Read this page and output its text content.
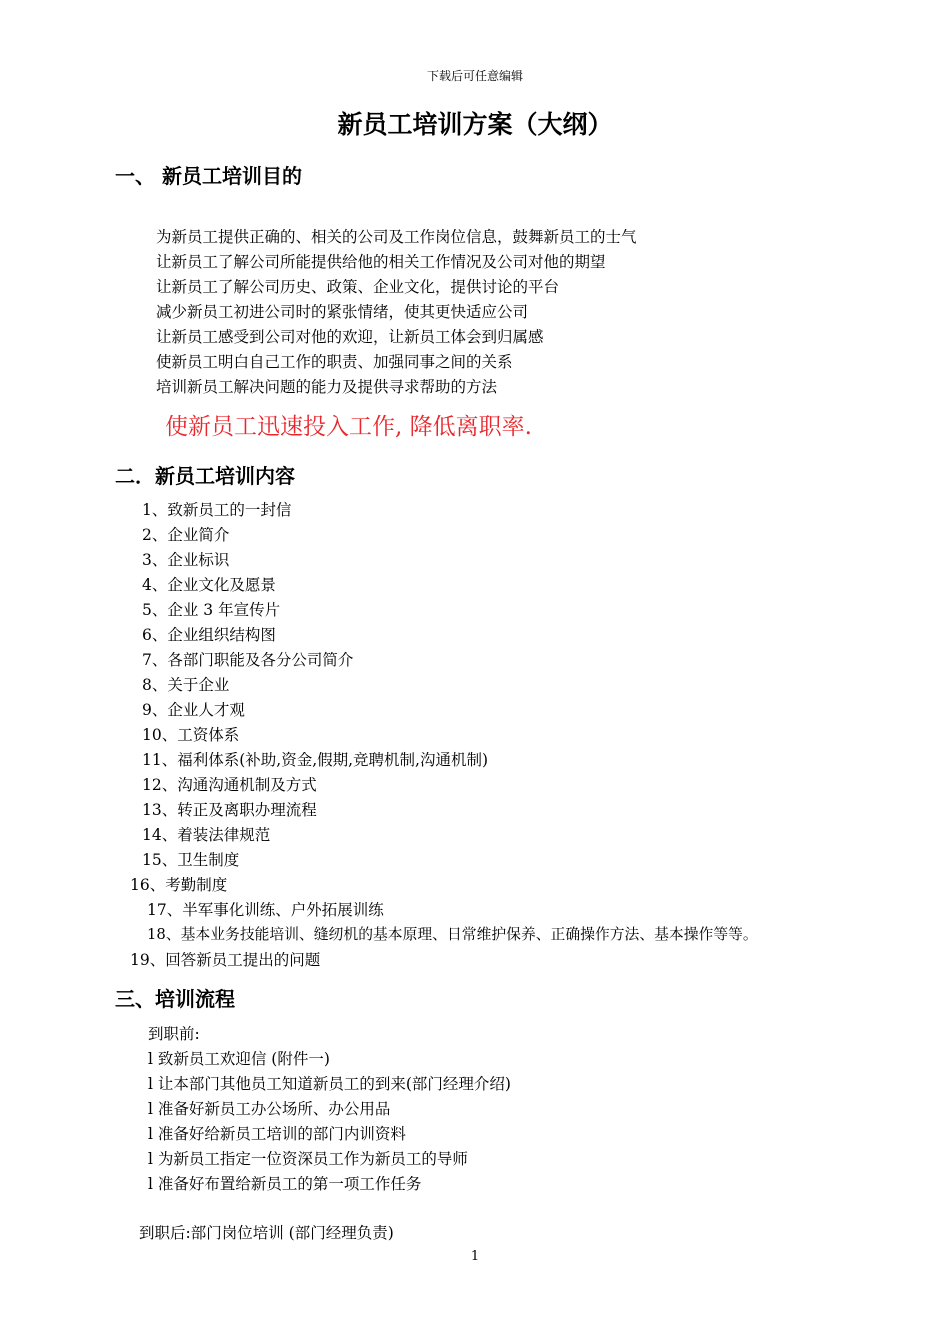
下载后可任意编辑
新员工培训方案（大纲）
一、 新员工培训目的
为新员工提供正确的、相关的公司及工作岗位信息，鼓舞新员工的士气
让新员工了解公司所能提供给他的相关工作情况及公司对他的期望
让新员工了解公司历史、政策、企业文化，提供讨论的平台
减少新员工初进公司时的紧张情绪，使其更快适应公司
让新员工感受到公司对他的欢迎，让新员工体会到归属感
使新员工明白自己工作的职责、加强同事之间的关系
培训新员工解决问题的能力及提供寻求帮助的方法
使新员工迅速投入工作, 降低离职率.
二．新员工培训内容
1、致新员工的一封信
2、企业简介
3、企业标识
4、企业文化及愿景
5、企业 3 年宣传片
6、企业组织结构图
7、各部门职能及各分公司简介
8、关于企业
9、企业人才观
10、工资体系
11、福利体系(补助,资金,假期,竞聘机制,沟通机制)
12、沟通沟通机制及方式
13、转正及离职办理流程
14、着装法律规范
15、卫生制度
16、考勤制度
17、半军事化训练、户外拓展训练
18、基本业务技能培训、缝纫机的基本原理、日常维护保养、正确操作方法、基本操作等等。
19、回答新员工提出的问题
三、培训流程
到职前:
l 致新员工欢迎信 (附件一)
l 让本部门其他员工知道新员工的到来(部门经理介绍)
l 准备好新员工办公场所、办公用品
l 准备好给新员工培训的部门内训资料
l 为新员工指定一位资深员工作为新员工的导师
l 准备好布置给新员工的第一项工作任务
到职后:部门岗位培训 (部门经理负责)
1
